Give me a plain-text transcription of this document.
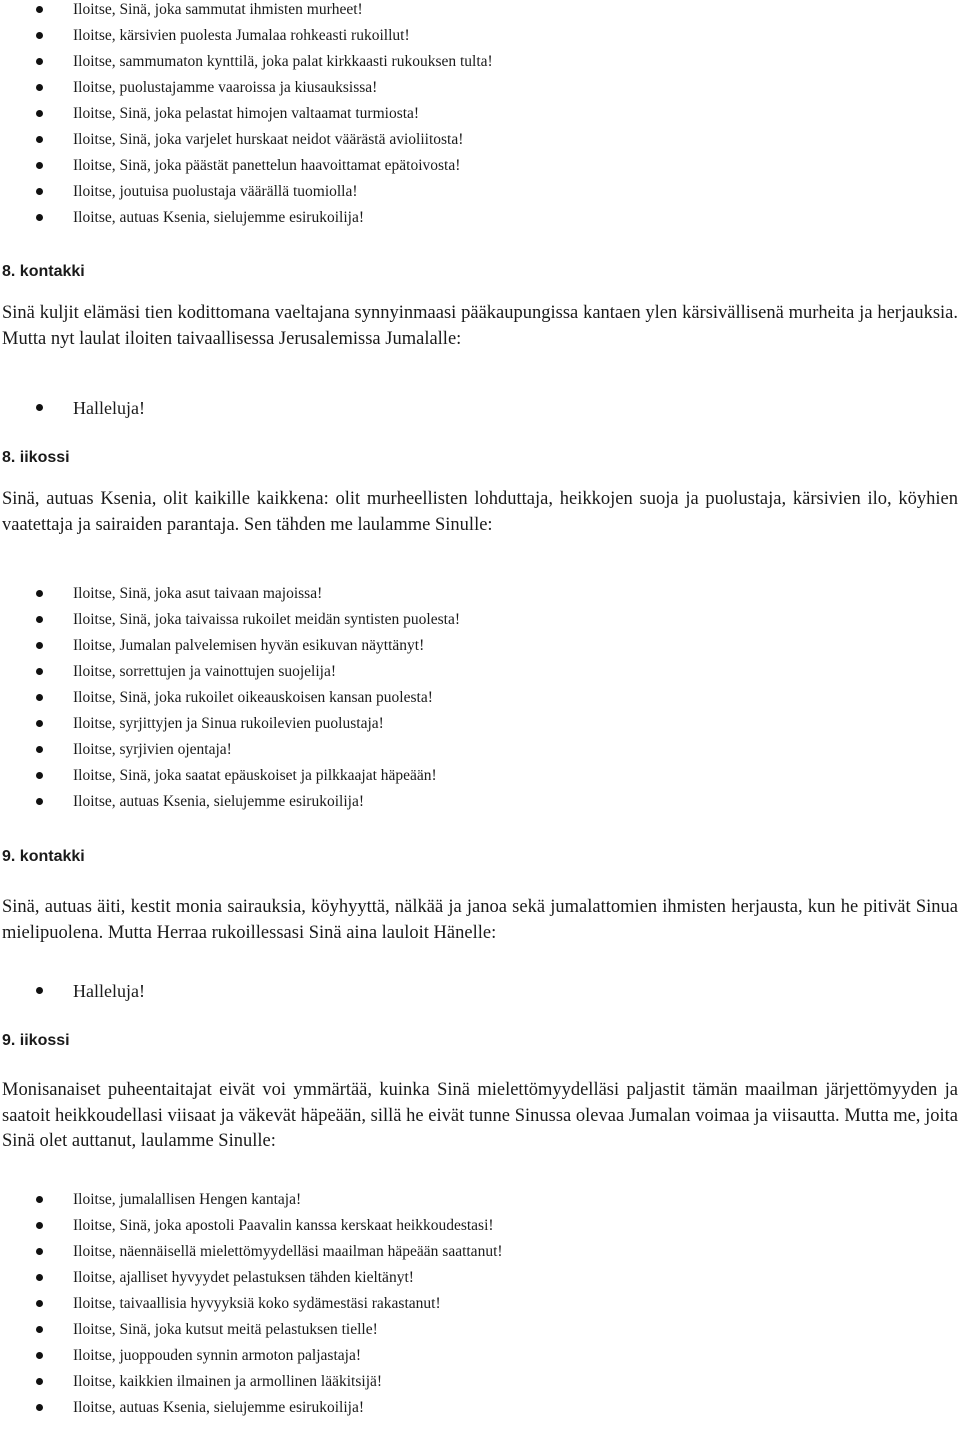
Iloitse, Sinä, joka sammutat ihmisten murheet!
Iloitse, kärsivien puolesta Jumalaa rohkeasti rukoillut!
Iloitse, sammumaton kynttilä, joka palat kirkkaasti rukouksen tulta!
Iloitse, puolustajamme vaaroissa ja kiusauksissa!
Iloitse, Sinä, joka pelastat himojen valtaamat turmiosta!
Iloitse, Sinä, joka varjelet hurskaat neidot väärästä avioliitosta!
Iloitse, Sinä, joka päästät panettelun haavoittamat epätoivosta!
Iloitse, joutuisa puolustaja väärällä tuomiolla!
Iloitse, autuas Ksenia, sielujemme esirukoilija!
8. kontakki

Sinä kuljit elämäsi tien kodittomana vaeltajana synnyinmaasi pääkaupungissa kantaen ylen kärsivällisenä murheita ja herjauksia. Mutta nyt laulat iloiten taivaallisessa Jerusalemissa Jumalalle:

Halleluja!
8. iikossi

Sinä, autuas Ksenia, olit kaikille kaikkena: olit murheellisten lohduttaja, heikkojen suoja ja puolustaja, kärsivien ilo, köyhien vaatettaja ja sairaiden parantaja. Sen tähden me laulamme Sinulle:

Iloitse, Sinä, joka asut taivaan majoissa!
Iloitse, Sinä, joka taivaissa rukoilet meidän syntisten puolesta!
Iloitse, Jumalan palvelemisen hyvän esikuvan näyttänyt!
Iloitse, sorrettujen ja vainottujen suojelija!
Iloitse, Sinä, joka rukoilet oikeauskoisen kansan puolesta!
Iloitse, syrjittyjen ja Sinua rukoilevien puolustaja!
Iloitse, syrjivien ojentaja!
Iloitse, Sinä, joka saatat epäuskoiset ja pilkkaajat häpeään!
Iloitse, autuas Ksenia, sielujemme esirukoilija!
9. kontakki

Sinä, autuas äiti, kestit monia sairauksia, köyhyyttä, nälkää ja janoa sekä jumalattomien ihmisten herjausta, kun he pitivät Sinua mielipuolena. Mutta Herraa rukoillessasi Sinä aina lauloit Hänelle:

Halleluja!
9. iikossi

Monisanaiset puheentaitajat eivät voi ymmärtää, kuinka Sinä mielettömyydelläsi paljastit tämän maailman järjettömyyden ja saatoit heikkoudellasi viisaat ja väkevät häpeään, sillä he eivät tunne Sinussa olevaa Jumalan voimaa ja viisautta. Mutta me, joita Sinä olet auttanut, laulamme Sinulle:

Iloitse, jumalallisen Hengen kantaja!
Iloitse, Sinä, joka apostoli Paavalin kanssa kerskaat heikkoudestasi!
Iloitse, näennäisellä mielettömyydelläsi maailman häpeään saattanut!
Iloitse, ajalliset hyvyydet pelastuksen tähden kieltänyt!
Iloitse, taivaallisia hyvyyksiä koko sydämestäsi rakastanut!
Iloitse, Sinä, joka kutsut meitä pelastuksen tielle!
Iloitse, juoppouden synnin armoton paljastaja!
Iloitse, kaikkien ilmainen ja armollinen lääkitsijä!
Iloitse, autuas Ksenia, sielujemme esirukoilija!
